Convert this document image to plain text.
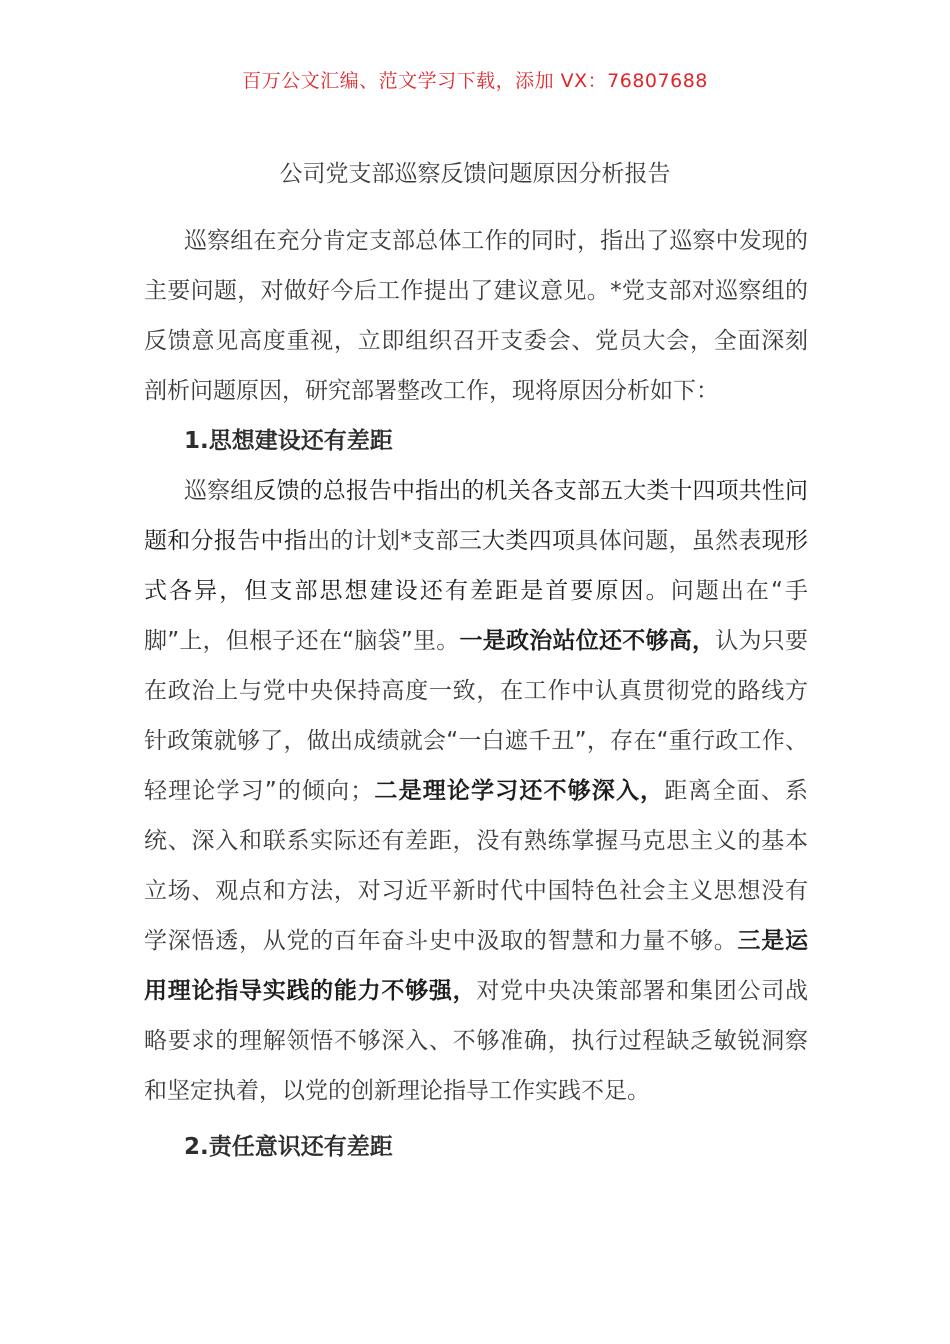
百万公文汇编、范文学习下载，添加 VX：76807688
公司党支部巡察反馈问题原因分析报告

巡察组在充分肯定支部总体工作的同时，指出了巡察中发现的主要问题，对做好今后工作提出了建议意见。*党支部对巡察组的反馈意见高度重视，立即组织召开支委会、党员大会，全面深刻剖析问题原因，研究部署整改工作，现将原因分析如下：

1.思想建设还有差距

巡察组反馈的总报告中指出的机关各支部五大类十四项共性问题和分报告中指出的计划*支部三大类四项具体问题，虽然表现形式各异，但支部思想建设还有差距是首要原因。问题出在“手脚”上，但根子还在“脑袋”里。一是政治站位还不够高，认为只要在政治上与党中央保持高度一致，在工作中认真贯彻党的路线方针政策就够了，做出成绩就会“一白遮千丑”，存在“重行政工作、轻理论学习”的倾向；二是理论学习还不够深入，距离全面、系统、深入和联系实际还有差距，没有熟练掌握马克思主义的基本立场、观点和方法，对习近平新时代中国特色社会主义思想没有学深悟透，从党的百年奋斗史中汲取的智慧和力量不够。三是运用理论指导实践的能力不够强，对党中央决策部署和集团公司战略要求的理解领悟不够深入、不够准确，执行过程缺乏敏锐洞察和坚定执着，以党的创新理论指导工作实践不足。

2.责任意识还有差距
